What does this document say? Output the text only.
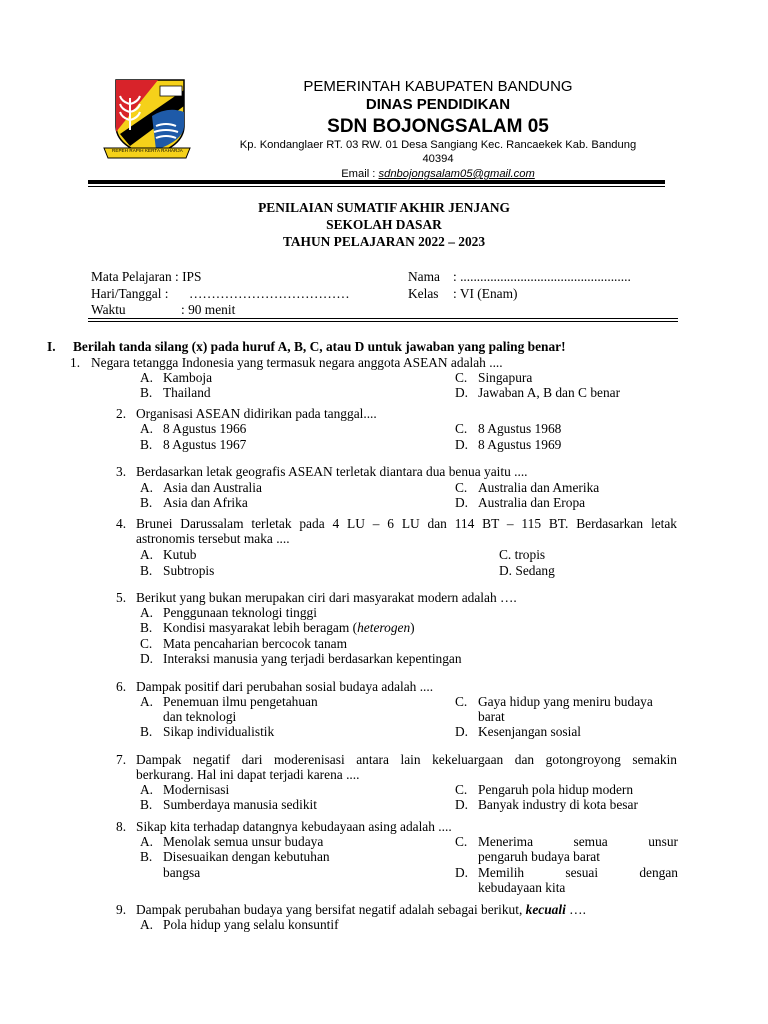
REPEH RAPIH KERTA RAHARJA
PEMERINTAH KABUPATEN BANDUNG
DINAS PENDIDIKAN
SDN BOJONGSALAM 05
Kp. Kondanglaer RT. 03 RW. 01 Desa Sangiang Kec. Rancaekek Kab. Bandung
40394
Email : sdnbojongsalam05@gmail.com
PENILAIAN SUMATIF AKHIR JENJANG
SEKOLAH DASAR
TAHUN PELAJARAN 2022 – 2023
Mata Pelajaran : IPS
Hari/Tanggal : ………………………………
Waktu	: 90 menit
Nama : ...................................................
Kelas : VI (Enam)
I. Berilah tanda silang (x) pada huruf A, B, C, atau D untuk jawaban yang paling benar!
1. Negara tetangga Indonesia yang termasuk negara anggota ASEAN adalah ....
A. Kamboja
B. Thailand
C. Singapura
D. Jawaban A, B dan C benar
2. Organisasi ASEAN didirikan pada tanggal....
A. 8 Agustus 1966
B. 8 Agustus 1967
C. 8 Agustus 1968
D. 8 Agustus 1969
3. Berdasarkan letak geografis ASEAN terletak diantara dua benua yaitu ....
A. Asia dan Australia
B. Asia dan Afrika
C. Australia dan Amerika
D. Australia dan Eropa
4. Brunei Darussalam terletak pada 4 LU – 6 LU dan 114 BT – 115 BT. Berdasarkan letak
astronomis tersebut maka ....
A. Kutub
B. Subtropis
C. tropis
D. Sedang
5. Berikut yang bukan merupakan ciri dari masyarakat modern adalah ….
A. Penggunaan teknologi tinggi
B. Kondisi masyarakat lebih beragam (heterogen)
C. Mata pencaharian bercocok tanam
D. Interaksi manusia yang terjadi berdasarkan kepentingan
6. Dampak positif dari perubahan sosial budaya adalah ....
A. Penemuan ilmu pengetahuan
dan teknologi
B. Sikap individualistik
C. Gaya hidup yang meniru budaya
barat
D. Kesenjangan sosial
7. Dampak negatif dari moderenisasi antara lain kekeluargaan dan gotongroyong semakin
berkurang. Hal ini dapat terjadi karena ....
A. Modernisasi
B. Sumberdaya manusia sedikit
C. Pengaruh pola hidup modern
D. Banyak industry di kota besar
8. Sikap kita terhadap datangnya kebudayaan asing adalah ....
A. Menolak semua unsur budaya
B. Disesuaikan dengan kebutuhan
bangsa
C. Menerima semua unsur
pengaruh budaya barat
D. Memilih sesuai dengan
kebudayaan kita
9. Dampak perubahan budaya yang bersifat negatif adalah sebagai berikut, kecuali ….
A. Pola hidup yang selalu konsuntif
